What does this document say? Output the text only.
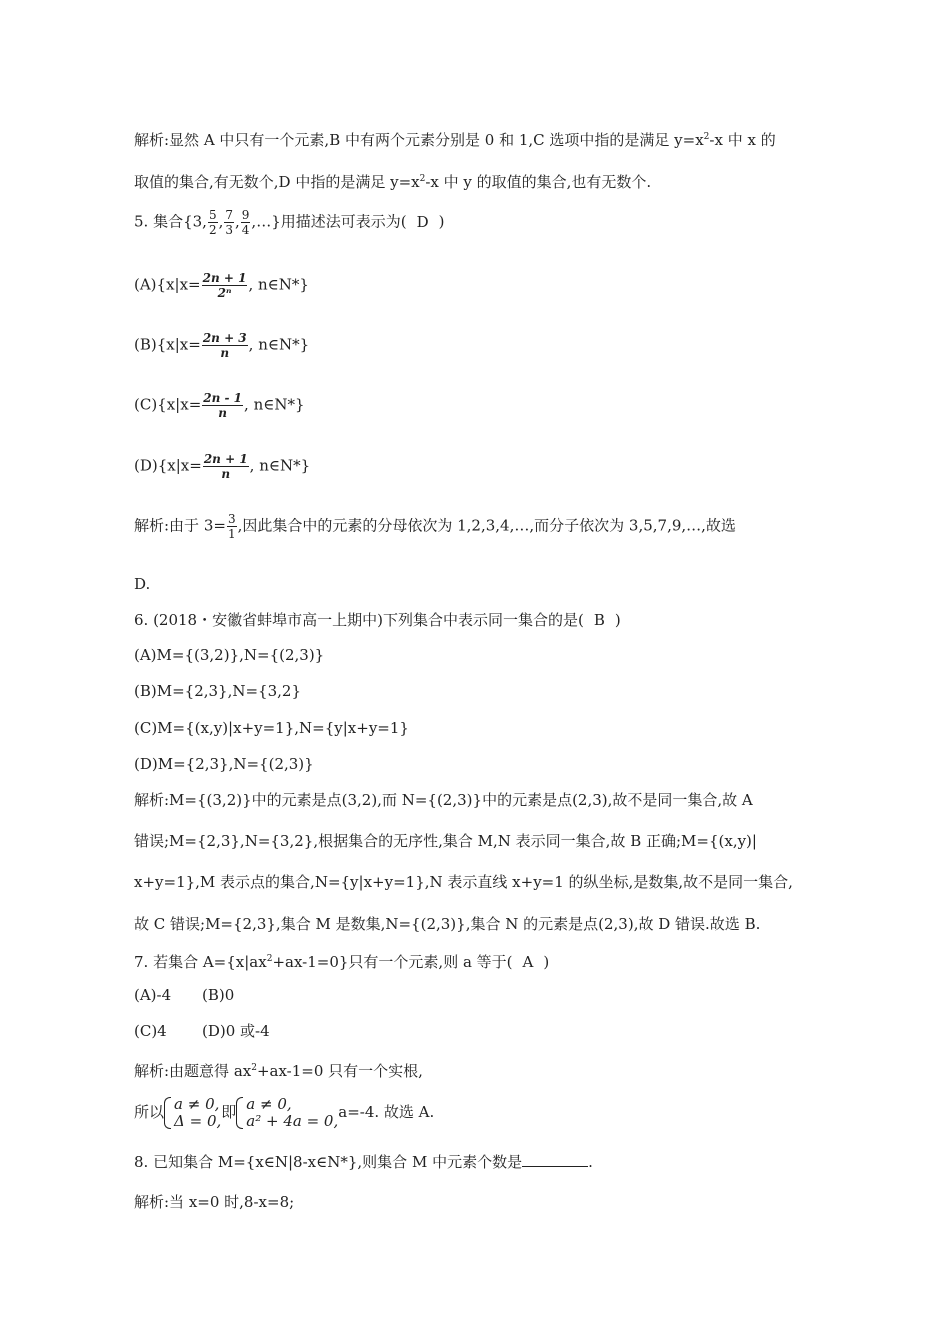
解析:显然 A 中只有一个元素,B 中有两个元素分别是 0 和 1,C 选项中指的是满足 $y=x^2-x$ 中 x 的
取值的集合,有无数个,D 中指的是满足 $y=x^2-x$ 中 y 的取值的集合,也有无数个.
5. 集合{3, $\frac{5}{2}$ , $\frac{7}{3}$ , $\frac{9}{4}$ ,…}用描述法可表示为( D )
$(A)\{x|x= \frac{2n + 1}{\text{2ⁿ}}$ , n∈N*}
$(B)\{x|x= \frac{2n + 3}{n}$ , n∈N*}
$(C)\{x|x= \frac{2n - 1}{n}$ , n∈N*}
$(D)\{x|x= \frac{2n + 1}{n}$ , n∈N*}
解析:由于 $3= \frac{3}{1}$ ,因此集合中的元素的分母依次为 1,2,3,4,…,而分子依次为 3,5,7,9,…,故选
D.
6. (2018・安徽省蚌埠市高一上期中)下列集合中表示同一集合的是( B )
(A)M={(3,2)},N={(2,3)}
(B)M={2,3},N={3,2}
(C)M={(x,y)|x+y=1},N={y|x+y=1}
(D)M={2,3},N={(2,3)}
解析:M={(3,2)}中的元素是点(3,2),而 N={(2,3)}中的元素是点(2,3),故不是同一集合,故 A
错误;M={2,3},N={3,2},根据集合的无序性,集合 M,N 表示同一集合,故 B 正确;M={(x,y)|
x+y=1},M 表示点的集合,N={y|x+y=1},N 表示直线 x+y=1 的纵坐标,是数集,故不是同一集合,
故 C 错误;M={2,3},集合 M 是数集,N={(2,3)},集合 N 的元素是点(2,3),故 D 错误.故选 B.
7. 若集合 $A=\{x|ax^2+ax-1=0\}$只有一个元素,则 a 等于( A )
(A)-4 (B)0
(C)4 (D)0 或-4
解析:由题意得 $ax^2+ax-1=0$ 只有一个实根,
所以 a ≠ 0,
Δ = 0, 即 a ≠ 0,
a² + 4a = 0, a=-4. 故选 A.
8. 已知集合 M={x∈N|8-x∈N*},则集合 M 中元素个数是	.
解析:当 x=0 时,8-x=8;
